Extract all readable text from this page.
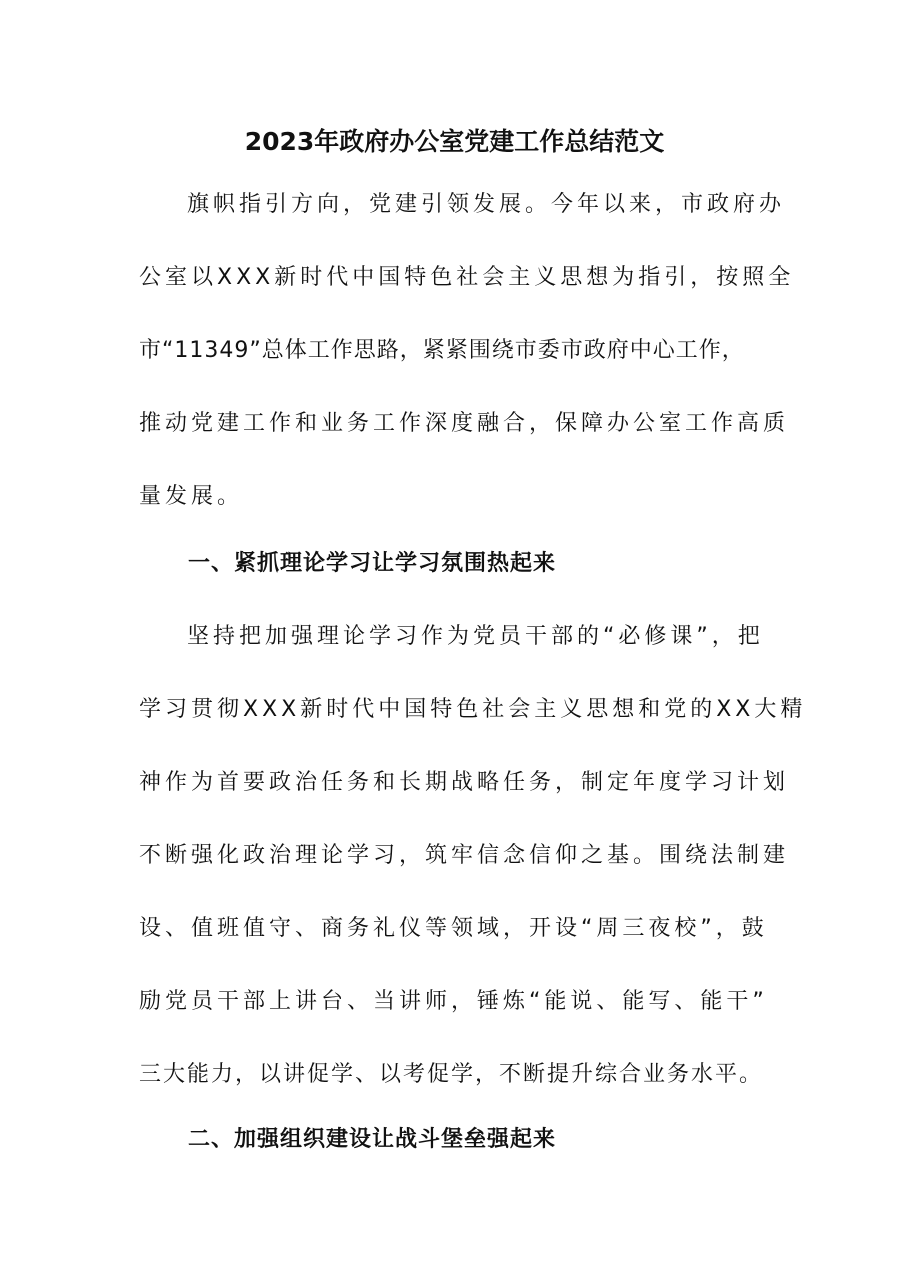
2023年政府办公室党建工作总结范文
旗帜指引方向，党建引领发展。今年以来，市政府办
公室以XXX新时代中国特色社会主义思想为指引，按照全
市“11349”总体工作思路，紧紧围绕市委市政府中心工作，
推动党建工作和业务工作深度融合，保障办公室工作高质
量发展。
一、紧抓理论学习让学习氛围热起来
坚持把加强理论学习作为党员干部的“必修课”，把
学习贯彻XXX新时代中国特色社会主义思想和党的XX大精
神作为首要政治任务和长期战略任务，制定年度学习计划
不断强化政治理论学习，筑牢信念信仰之基。围绕法制建
设、值班值守、商务礼仪等领域，开设“周三夜校”，鼓
励党员干部上讲台、当讲师，锤炼“能说、能写、能干”
三大能力，以讲促学、以考促学，不断提升综合业务水平。
二、加强组织建设让战斗堡垒强起来
